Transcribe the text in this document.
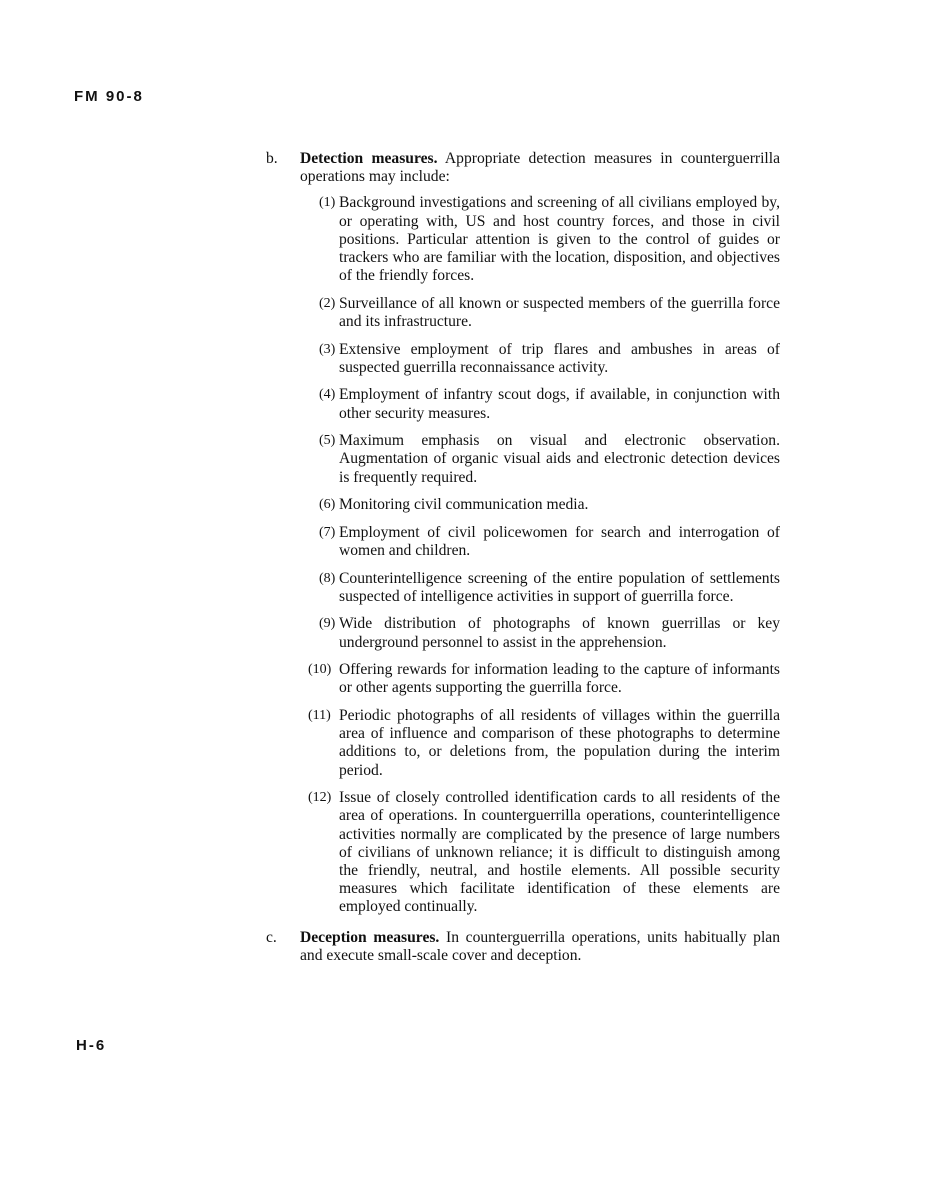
FM 90-8
b.	Detection measures. Appropriate detection measures in counterguerrilla operations may include:
(1) Background investigations and screening of all civilians employed by, or operating with, US and host country forces, and those in civil positions. Particular attention is given to the control of guides or trackers who are familiar with the location, disposition, and objectives of the friendly forces.
(2) Surveillance of all known or suspected members of the guerrilla force and its infrastructure.
(3) Extensive employment of trip flares and ambushes in areas of suspected guerrilla reconnaissance activity.
(4) Employment of infantry scout dogs, if available, in conjunction with other security measures.
(5) Maximum emphasis on visual and electronic observation. Augmentation of organic visual aids and electronic detection devices is frequently required.
(6) Monitoring civil communication media.
(7) Employment of civil policewomen for search and interrogation of women and children.
(8) Counterintelligence screening of the entire population of settlements suspected of intelligence activities in support of guerrilla force.
(9) Wide distribution of photographs of known guerrillas or key underground personnel to assist in the apprehension.
(10) Offering rewards for information leading to the capture of informants or other agents supporting the guerrilla force.
(11) Periodic photographs of all residents of villages within the guerrilla area of influence and comparison of these photographs to determine additions to, or deletions from, the population during the interim period.
(12) Issue of closely controlled identification cards to all residents of the area of operations. In counterguerrilla operations, counterintelligence activities normally are complicated by the presence of large numbers of civilians of unknown reliance; it is difficult to distinguish among the friendly, neutral, and hostile elements. All possible security measures which facilitate identification of these elements are employed continually.
c.	Deception measures. In counterguerrilla operations, units habitually plan and execute small-scale cover and deception.
H-6
